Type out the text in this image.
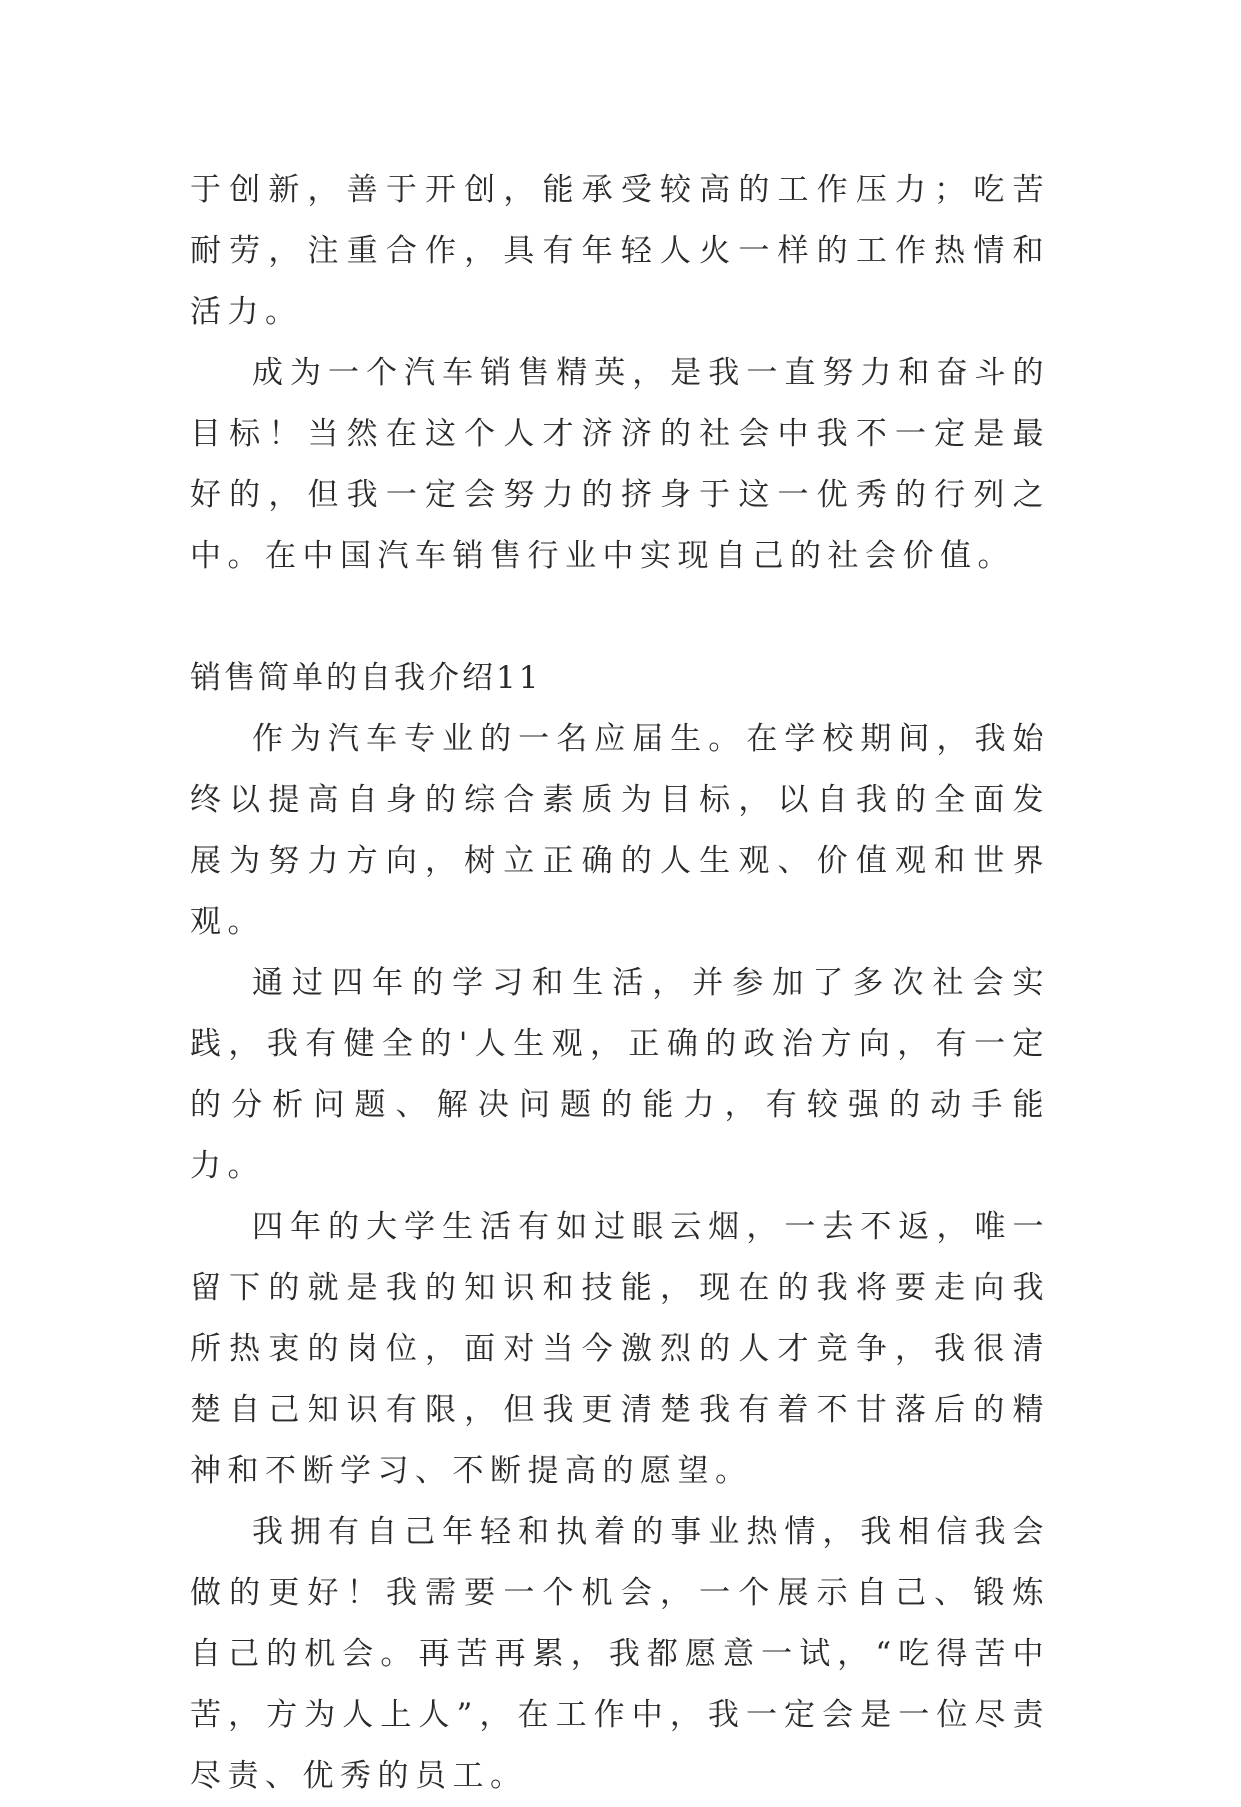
于创新，善于开创，能承受较高的工作压力；吃苦耐劳，注重合作，具有年轻人火一样的工作热情和活力。

成为一个汽车销售精英，是我一直努力和奋斗的目标！当然在这个人才济济的社会中我不一定是最好的，但我一定会努力的挤身于这一优秀的行列之中。在中国汽车销售行业中实现自己的社会价值。

销售简单的自我介绍11

作为汽车专业的一名应届生。在学校期间，我始终以提高自身的综合素质为目标，以自我的全面发展为努力方向，树立正确的人生观、价值观和世界观。

通过四年的学习和生活，并参加了多次社会实践，我有健全的'人生观，正确的政治方向，有一定的分析问题、解决问题的能力，有较强的动手能力。

四年的大学生活有如过眼云烟，一去不返，唯一留下的就是我的知识和技能，现在的我将要走向我所热衷的岗位，面对当今激烈的人才竞争，我很清楚自己知识有限，但我更清楚我有着不甘落后的精神和不断学习、不断提高的愿望。

我拥有自己年轻和执着的事业热情，我相信我会做的更好！我需要一个机会，一个展示自己、锻炼自己的机会。再苦再累，我都愿意一试，“吃得苦中苦，方为人上人”，在工作中，我一定会是一位尽责尽责、优秀的员工。
